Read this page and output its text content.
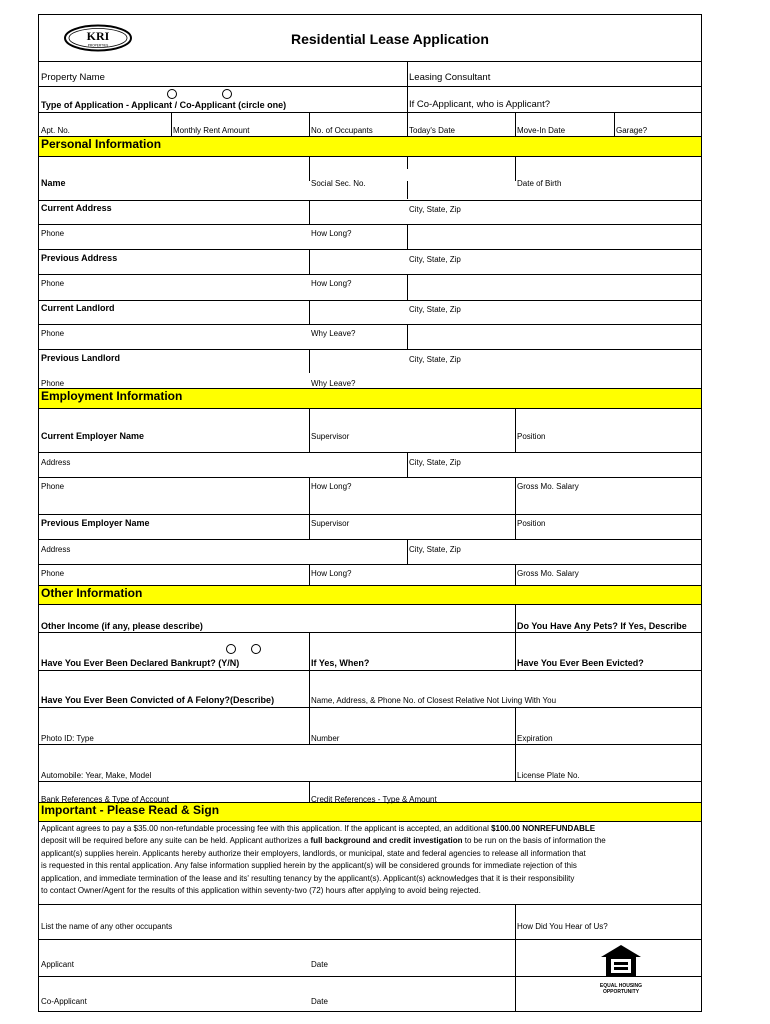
KRI
PROPERTIES	Residential Lease Application
Personal Information
Employment Information
Other Information
Important - Please Read & Sign
Property Name	Leasing Consultant
Type of Application - Applicant / Co-Applicant (circle one)	If Co-Applicant, who is Applicant?
Apt. No.	Monthly Rent Amount	No. of Occupants	Today's Date	Move-In Date	Garage?
Name	Social Sec. No.	Date of Birth
Current Address	City, State, Zip
Phone	How Long?
Previous Address	City, State, Zip
Phone	How Long?
Current Landlord	City, State, Zip
Phone	Why Leave?
Previous Landlord	City, State, Zip
Phone	Why Leave?
Current Employer Name	Supervisor	Position
Address	City, State, Zip
Phone	How Long?	Gross Mo. Salary
Previous Employer Name	Supervisor	Position
Address	City, State, Zip
Phone	How Long?	Gross Mo. Salary
Other Income (if any, please describe)	Do You Have Any Pets? If Yes, Describe
Have You Ever Been Declared Bankrupt? (Y/N)	If Yes, When?	Have You Ever Been Evicted?
Have You Ever Been Convicted of A Felony?(Describe)	Name, Address, & Phone No. of Closest Relative Not Living With You
Photo ID: Type	Number	Expiration
Automobile: Year, Make, Model	License Plate No.
Bank References & Type of Account	Credit References - Type & Amount

Applicant agrees to pay a $35.00 non-refundable processing fee with this application. If the applicant is accepted, an additional $100.00 NONREFUNDABLE

deposit will be required before any suite can be held. Applicant authorizes a full background and credit investigation to be run on the basis of information the

applicant(s) supplies herein. Applicants hereby authorize their employers, landlords, or municipal, state and federal agencies to release all information that

is requested in this rental application. Any false information supplied herein by the applicant(s) will be considered grounds for immediate rejection of this

application, and immediate termination of the lease and its' resulting tenancy by the applicant(s). Applicant(s) acknowledges that it is their responsibility

to contact Owner/Agent for the results of this application within seventy-two (72) hours after applying to avoid being rejected.

List the name of any other occupants	How Did You Hear of Us?
Applicant	Date
Co-Applicant	Date
EQUAL HOUSING
OPPORTUNITY
